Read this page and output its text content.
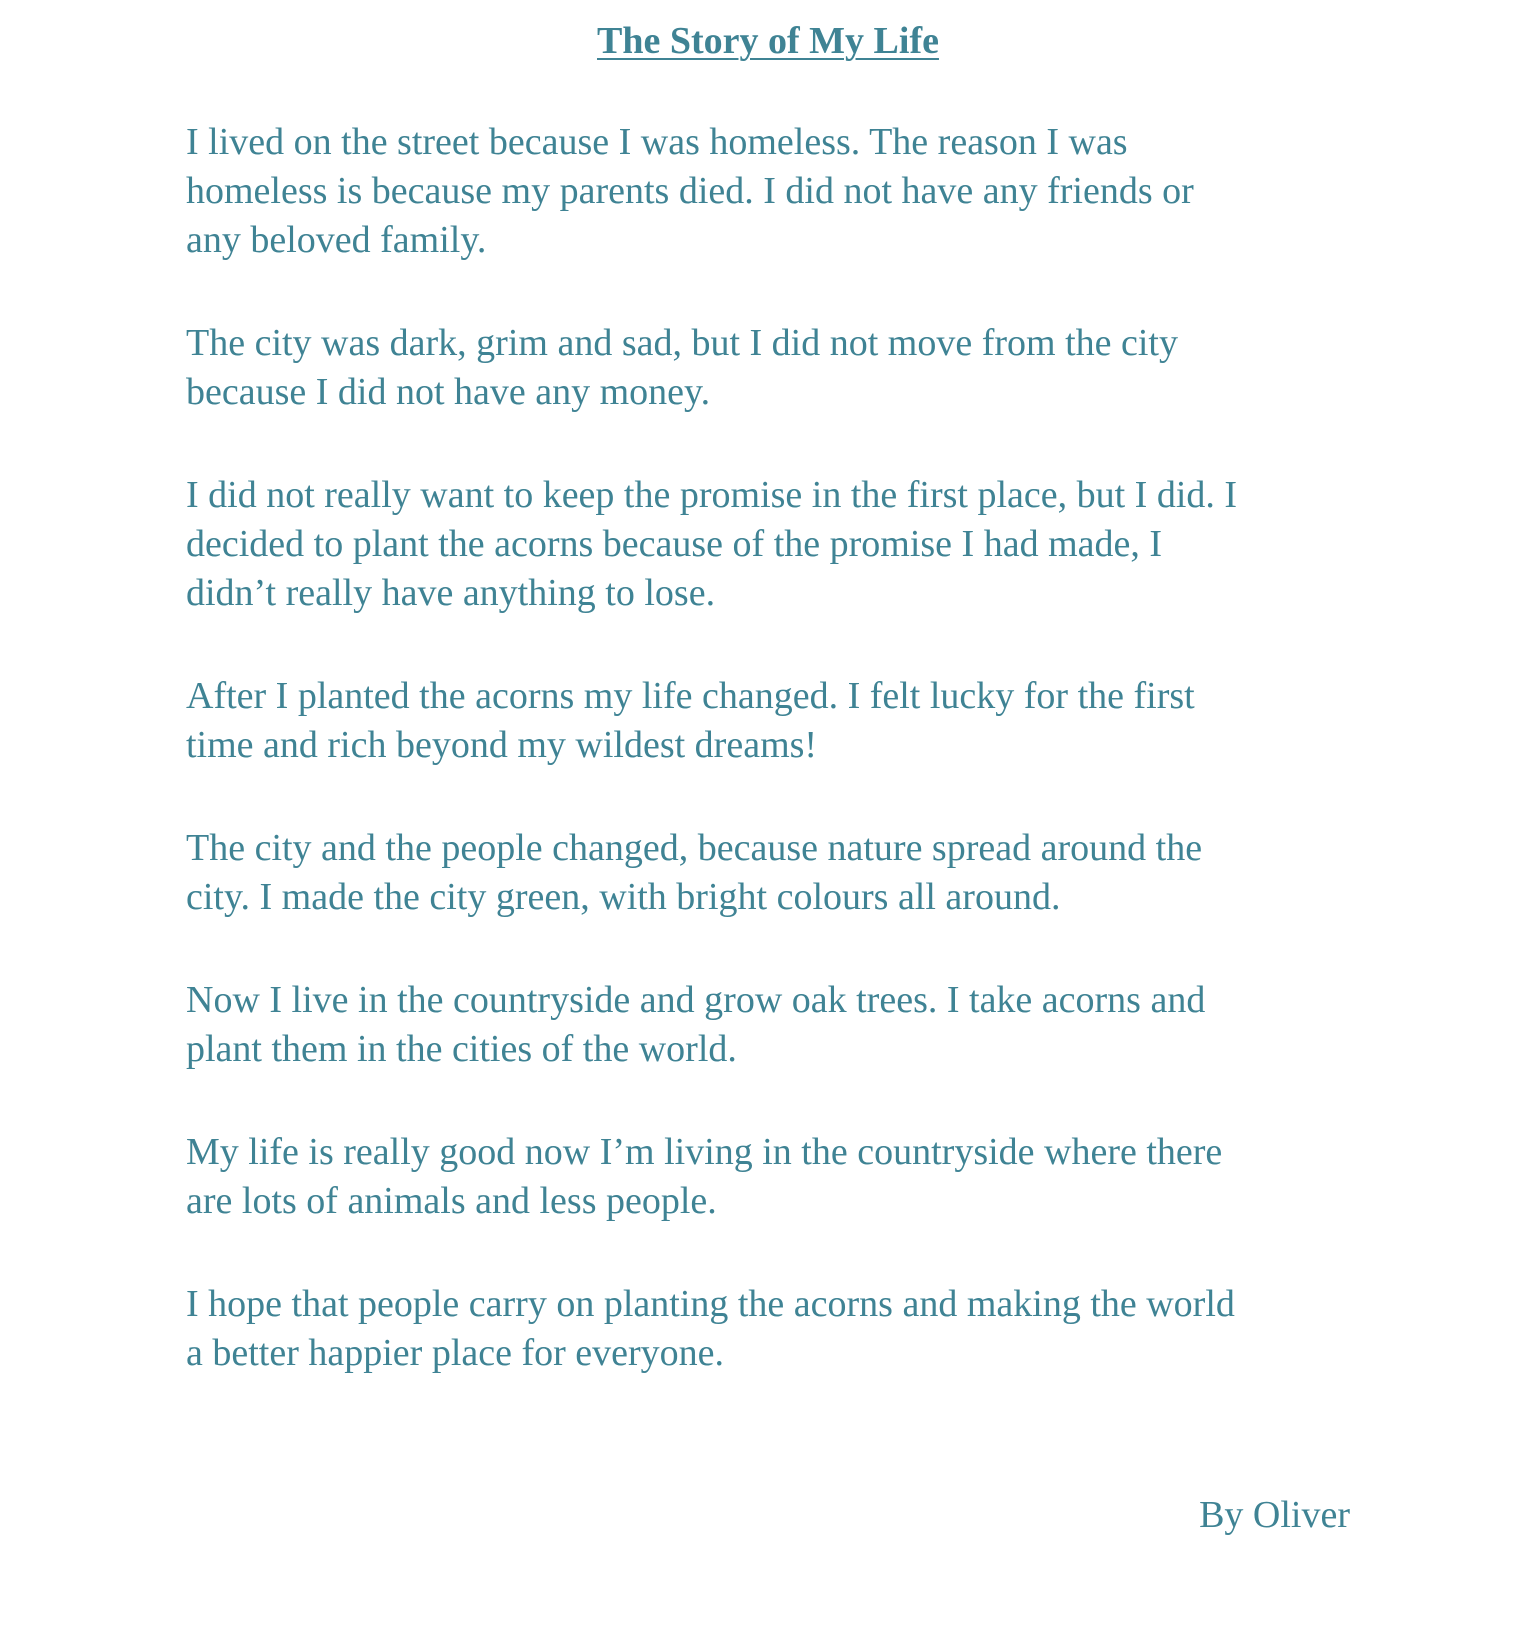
The Story of My Life

I lived on the street because I was homeless. The reason I was
homeless is because my parents died. I did not have any friends or
any beloved family.

The city was dark, grim and sad, but I did not move from the city
because I did not have any money.

I did not really want to keep the promise in the first place, but I did. I
decided to plant the acorns because of the promise I had made, I
didn’t really have anything to lose.

After I planted the acorns my life changed. I felt lucky for the first
time and rich beyond my wildest dreams!

The city and the people changed, because nature spread around the
city. I made the city green, with bright colours all around.

Now I live in the countryside and grow oak trees. I take acorns and
plant them in the cities of the world.

My life is really good now I’m living in the countryside where there
are lots of animals and less people.

I hope that people carry on planting the acorns and making the world
a better happier place for everyone.

By Oliver
